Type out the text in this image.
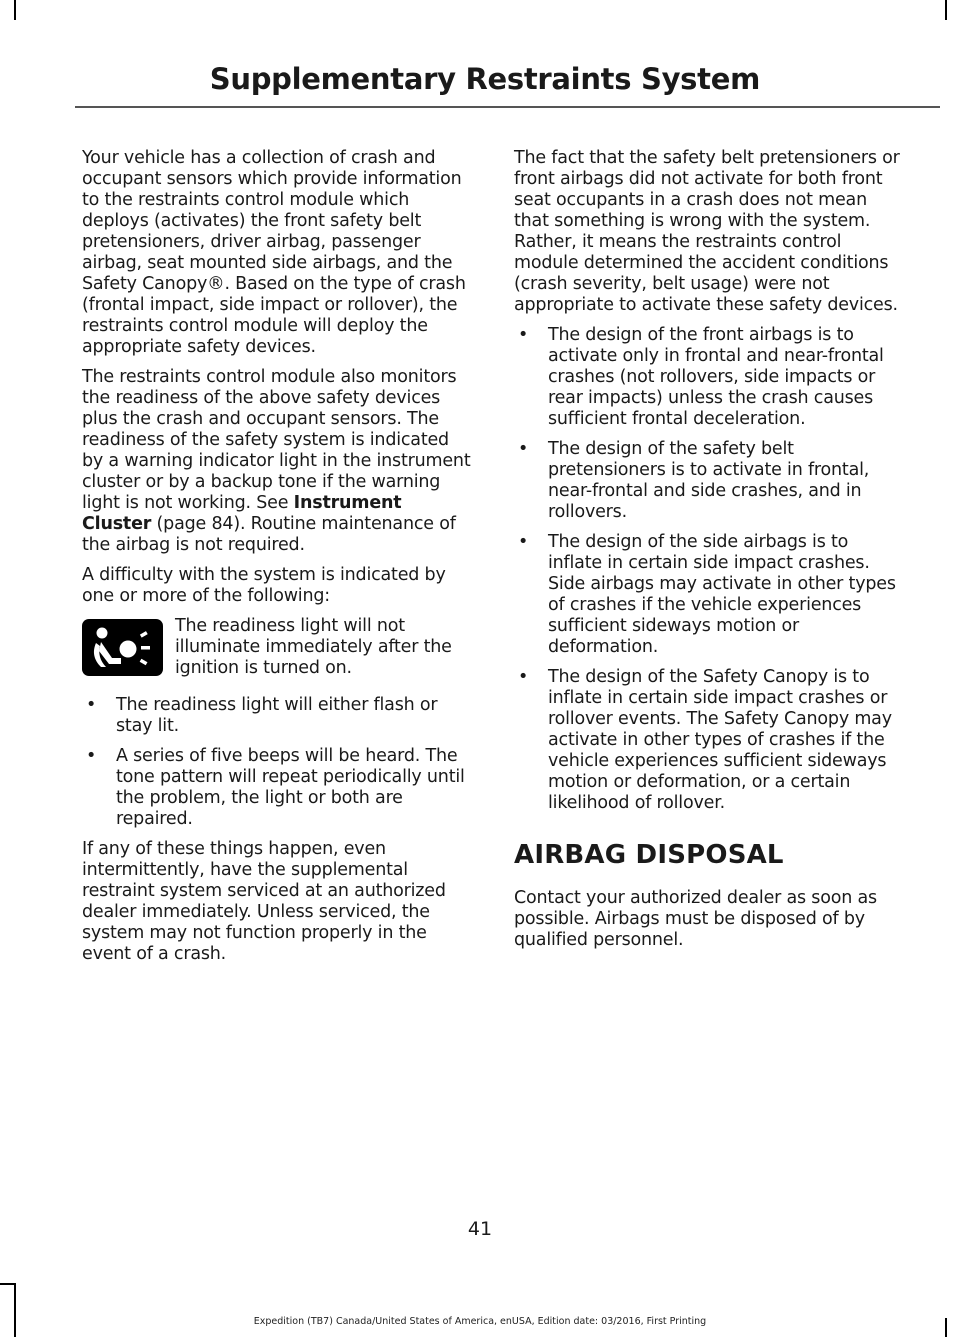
Supplementary Restraints System

Your vehicle has a collection of crash and occupant sensors which provide information to the restraints control module which deploys (activates) the front safety belt pretensioners, driver airbag, passenger airbag, seat mounted side airbags, and the Safety Canopy®. Based on the type of crash (frontal impact, side impact or rollover), the restraints control module will deploy the appropriate safety devices.

The restraints control module also monitors the readiness of the above safety devices plus the crash and occupant sensors. The readiness of the safety system is indicated by a warning indicator light in the instrument cluster or by a backup tone if the warning light is not working. See Instrument Cluster (page 84). Routine maintenance of the airbag is not required.

A difficulty with the system is indicated by one or more of the following:

The readiness light will not illuminate immediately after the ignition is turned on.

• The readiness light will either flash or stay lit.
• A series of five beeps will be heard. The tone pattern will repeat periodically until the problem, the light or both are repaired.

If any of these things happen, even intermittently, have the supplemental restraint system serviced at an authorized dealer immediately. Unless serviced, the system may not function properly in the event of a crash.

The fact that the safety belt pretensioners or front airbags did not activate for both front seat occupants in a crash does not mean that something is wrong with the system. Rather, it means the restraints control module determined the accident conditions (crash severity, belt usage) were not appropriate to activate these safety devices.

• The design of the front airbags is to activate only in frontal and near-frontal crashes (not rollovers, side impacts or rear impacts) unless the crash causes sufficient frontal deceleration.
• The design of the safety belt pretensioners is to activate in frontal, near-frontal and side crashes, and in rollovers.
• The design of the side airbags is to inflate in certain side impact crashes. Side airbags may activate in other types of crashes if the vehicle experiences sufficient sideways motion or deformation.
• The design of the Safety Canopy is to inflate in certain side impact crashes or rollover events. The Safety Canopy may activate in other types of crashes if the vehicle experiences sufficient sideways motion or deformation, or a certain likelihood of rollover.
AIRBAG DISPOSAL

Contact your authorized dealer as soon as possible. Airbags must be disposed of by qualified personnel.

41
Expedition (TB7) Canada/United States of America, enUSA, Edition date: 03/2016, First Printing
